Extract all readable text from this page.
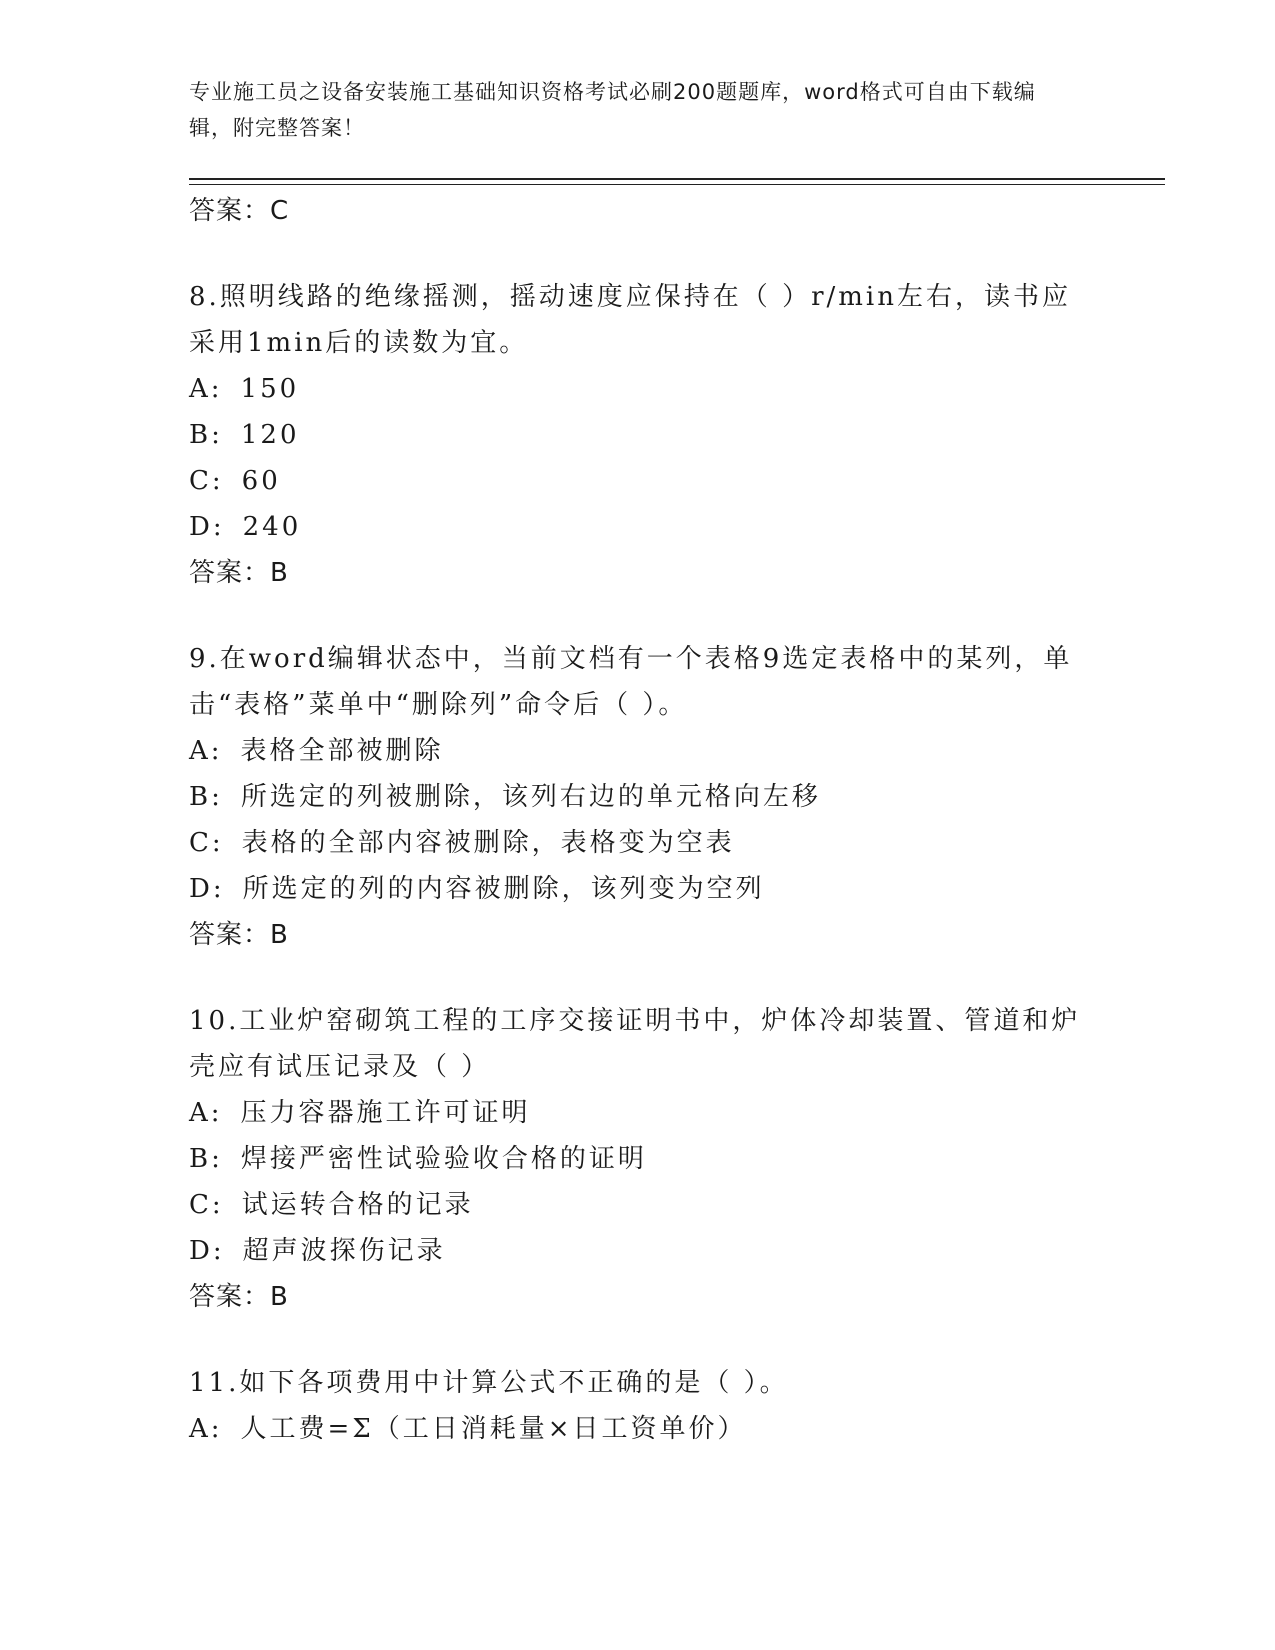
专业施工员之设备安装施工基础知识资格考试必刷200题题库，word格式可自由下载编辑，附完整答案！
答案：C
8.照明线路的绝缘摇测，摇动速度应保持在（ ）r/min左右，读书应采用1min后的读数为宜。
A: 150
B: 120
C: 60
D: 240
答案：B
9.在word编辑状态中，当前文档有一个表格9选定表格中的某列，单击“表格”菜单中“删除列”命令后（ ）。
A: 表格全部被删除
B: 所选定的列被删除，该列右边的单元格向左移
C: 表格的全部内容被删除，表格变为空表
D: 所选定的列的内容被删除，该列变为空列
答案：B
10.工业炉窑砌筑工程的工序交接证明书中，炉体冷却装置、管道和炉壳应有试压记录及（ ）
A: 压力容器施工许可证明
B: 焊接严密性试验验收合格的证明
C: 试运转合格的记录
D: 超声波探伤记录
答案：B
11.如下各项费用中计算公式不正确的是（ ）。
A: 人工费=Σ（工日消耗量×日工资单价）
